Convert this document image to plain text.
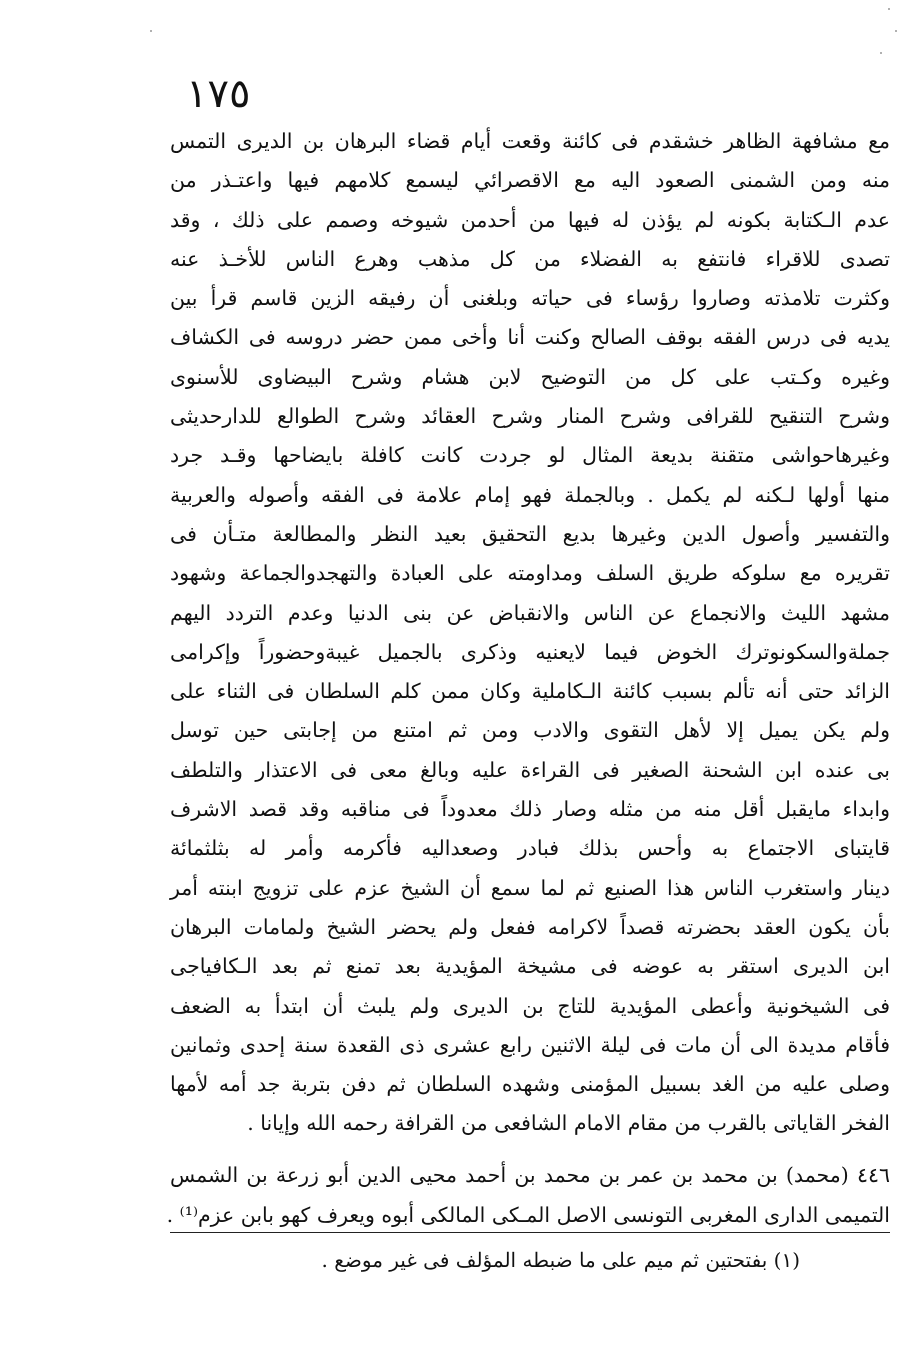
١٧٥
مع مشافهة الظاهر خشقدم فى كائنة وقعت أيام قضاء البرهان بن الديرى التمس
منه ومن الشمنى الصعود اليه مع الاقصرائي ليسمع كلامهم فيها واعتـذر من
عدم الـكتابة بكونه لم يؤذن له فيها من أحدمن شيوخه وصمم على ذلك ، وقد
تصدى للاقراء فانتفع به الفضلاء من كل مذهب وهرع الناس للأخـذ عنه
وكثرت تلامذته وصاروا رؤساء فى حياته وبلغنى أن رفيقه الزين قاسم قرأ بين
يديه فى درس الفقه بوقف الصالح وكنت أنا وأخى ممن حضر دروسه فى الكشاف
وغيره وكـتب على كل من التوضيح لابن هشام وشرح البيضاوى للأسنوى
وشرح التنقيح للقرافى وشرح المنار وشرح العقائد وشرح الطوالع للدارحديثى
وغيرهاحواشى متقنة بديعة المثال لو جردت كانت كافلة بايضاحها وقـد جرد
منها أولها لـكنه لم يكمل . وبالجملة فهو إمام علامة فى الفقه وأصوله والعربية
والتفسير وأصول الدين وغيرها بديع التحقيق بعيد النظر والمطالعة متـأن فى
تقريره مع سلوكه طريق السلف ومداومته على العبادة والتهجدوالجماعة وشهود
مشهد الليث والانجماع عن الناس والانقباض عن بنى الدنيا وعدم التردد اليهم
جملةوالسكونوترك الخوض فيما لايعنيه وذكرى بالجميل غيبةوحضوراً وإكرامى
الزائد حتى أنه تألم بسبب كائنة الـكاملية وكان ممن كلم السلطان فى الثناء على
ولم يكن يميل إلا لأهل التقوى والادب ومن ثم امتنع من إجابتى حين توسل
بى عنده ابن الشحنة الصغير فى القراءة عليه وبالغ معى فى الاعتذار والتلطف
وابداء مايقبل أقل منه من مثله وصار ذلك معدوداً فى مناقبه وقد قصد الاشرف
قايتباى الاجتماع به وأحس بذلك فبادر وصعداليه فأكرمه وأمر له بثلثمائة
دينار واستغرب الناس هذا الصنيع ثم لما سمع أن الشيخ عزم على تزويج ابنته أمر
بأن يكون العقد بحضرته قصداً لاكرامه ففعل ولم يحضر الشيخ ولمامات البرهان
ابن الديرى استقر به عوضه فى مشيخة المؤيدية بعد تمنع ثم بعد الـكافياجى
فى الشيخونية وأعطى المؤيدية للتاج بن الديرى ولم يلبث أن ابتدأ به الضعف
فأقام مديدة الى أن مات فى ليلة الاثنين رابع عشرى ذى القعدة سنة إحدى وثمانين
وصلى عليه من الغد بسبيل المؤمنى وشهده السلطان ثم دفن بتربة جد أمه لأمها
الفخر القاياتى بالقرب من مقام الامام الشافعى من القرافة رحمه الله وإيانا .
٤٤٦ (محمد) بن محمد بن عمر بن محمد بن أحمد محيى الدين أبو زرعة بن الشمس
التميمى الدارى المغربى التونسى الاصل المـكى المالكى أبوه ويعرف كهو بابن عزم⁽¹⁾ .
(١) بفتحتين ثم ميم على ما ضبطه المؤلف فى غير موضع .
